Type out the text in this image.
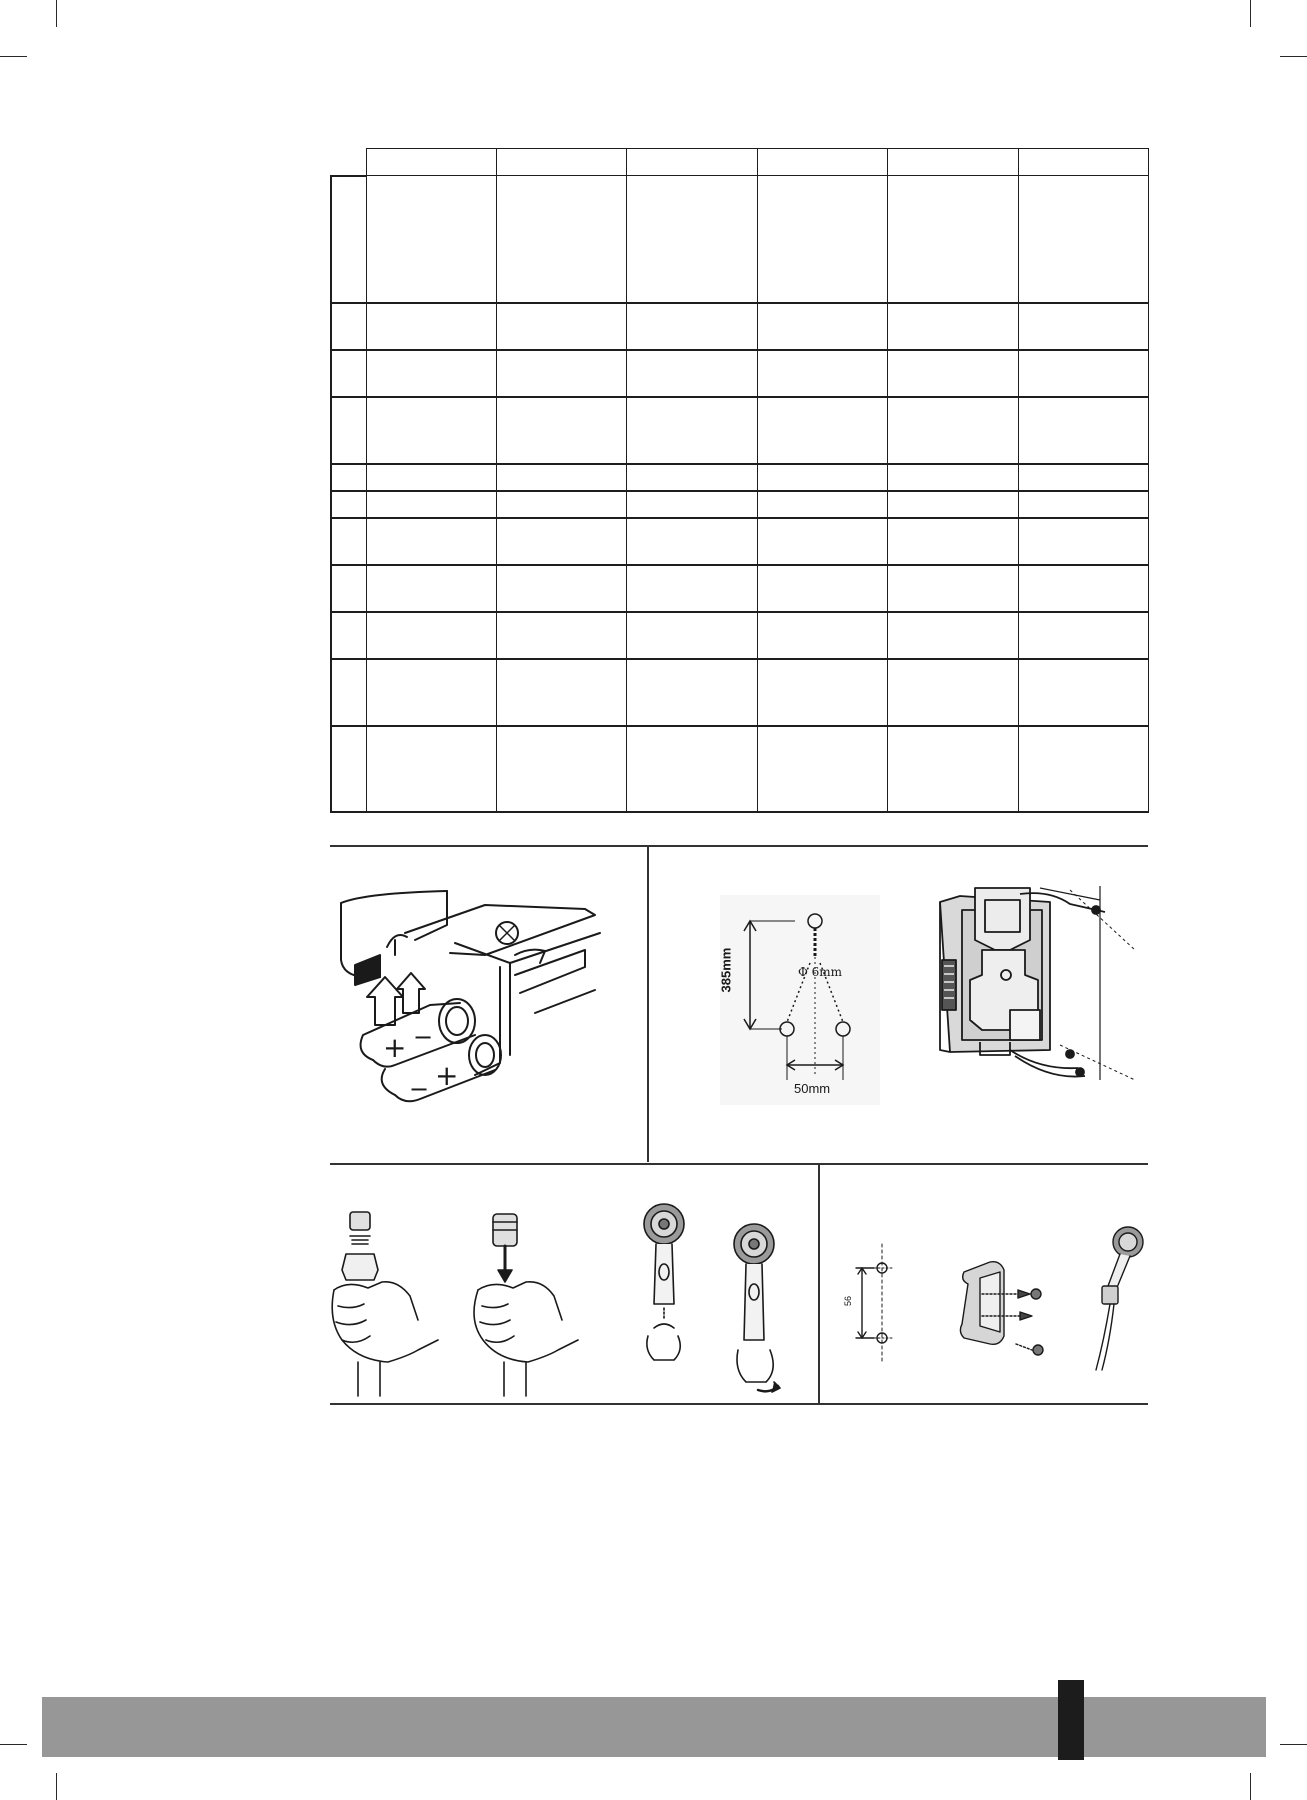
+ −
− +
385mm	Φ 6mm
50mm
56
